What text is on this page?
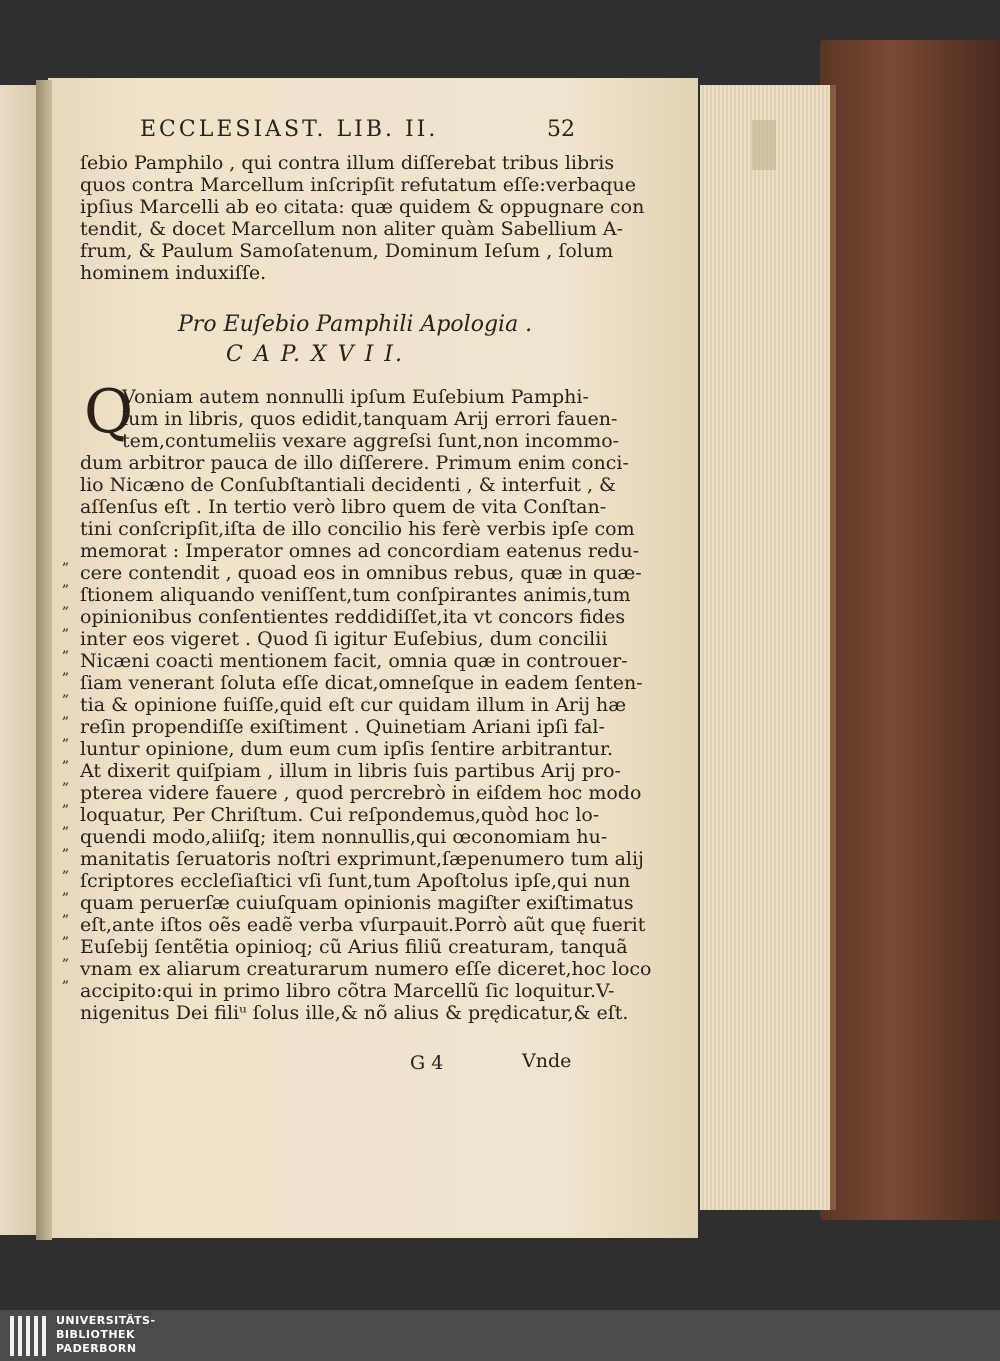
ECCLESIAST. LIB. II.	52
ſebio Pamphilo , qui contra illum diſſerebat tribus libris
quos contra Marcellum inſcripſit refutatum eſſe:verbaque
ipſius Marcelli ab eo citata: quæ quidem & oppugnare con
tendit, & docet Marcellum non aliter quàm Sabellium A-
frum, & Paulum Samoſatenum, Dominum Ieſum , ſolum
hominem induxiſſe.
Pro Euſebio Pamphili Apologia .
C A P. X V I I.
Q
Voniam autem nonnulli ipſum Euſebium Pamphi-
lum in libris, quos edidit,tanquam Arij errori fauen-
tem,contumeliis vexare aggreſsi ſunt,non incommo-
dum arbitror pauca de illo diſſerere. Primum enim conci-
lio Nicæno de Conſubſtantiali decidenti , & interfuit , &
aſſenſus eſt . In tertio verò libro quem de vita Conſtan-
tini conſcripſit,iſta de illo concilio his ferè verbis ipſe com
memorat : Imperator omnes ad concordiam eatenus redu-
cere contendit , quoad eos in omnibus rebus, quæ in quæ-
ſtionem aliquando veniſſent,tum conſpirantes animis,tum
opinionibus conſentientes reddidiſſet,ita vt concors fides
inter eos vigeret . Quod ſi igitur Euſebius, dum concilii
Nicæni coacti mentionem facit, omnia quæ in controuer-
ſiam venerant ſoluta eſſe dicat,omneſque in eadem ſenten-
tia & opinione fuiſſe,quid eſt cur quidam illum in Arij hæ
reſin propendiſſe exiſtiment . Quinetiam Ariani ipſi fal-
luntur opinione, dum eum cum ipſis ſentire arbitrantur.
At dixerit quiſpiam , illum in libris ſuis partibus Arij pro-
pterea videre fauere , quod percrebrò in eiſdem hoc modo
loquatur, Per Chriſtum. Cui reſpondemus,quòd hoc lo-
quendi modo,aliiſq; item nonnullis,qui œconomiam hu-
manitatis ſeruatoris noſtri exprimunt,ſæpenumero tum alij
ſcriptores eccleſiaſtici vſi ſunt,tum Apoſtolus ipſe,qui nun
quam peruerſæ cuiuſquam opinionis magiſter exiſtimatus
eſt,ante iſtos oẽs eadẽ verba vſurpauit.Porrò aũt quę fuerit
Euſebij ſentẽtia opinioq; cũ Arius filiũ creaturam, tanquã
vnam ex aliarum creaturarum numero eſſe diceret,hoc loco
accipito:qui in primo libro cõtra Marcellũ ſic loquitur.V-
nigenitus Dei filiᵘ ſolus ille,& nõ alius & prędicatur,& eſt.
„
„
„
„
„
„
„
„
„
„
„
„
„
„
„
„
„
„
„
„
G 4	Vnde
UNIVERSITÄTS-
BIBLIOTHEK
PADERBORN
